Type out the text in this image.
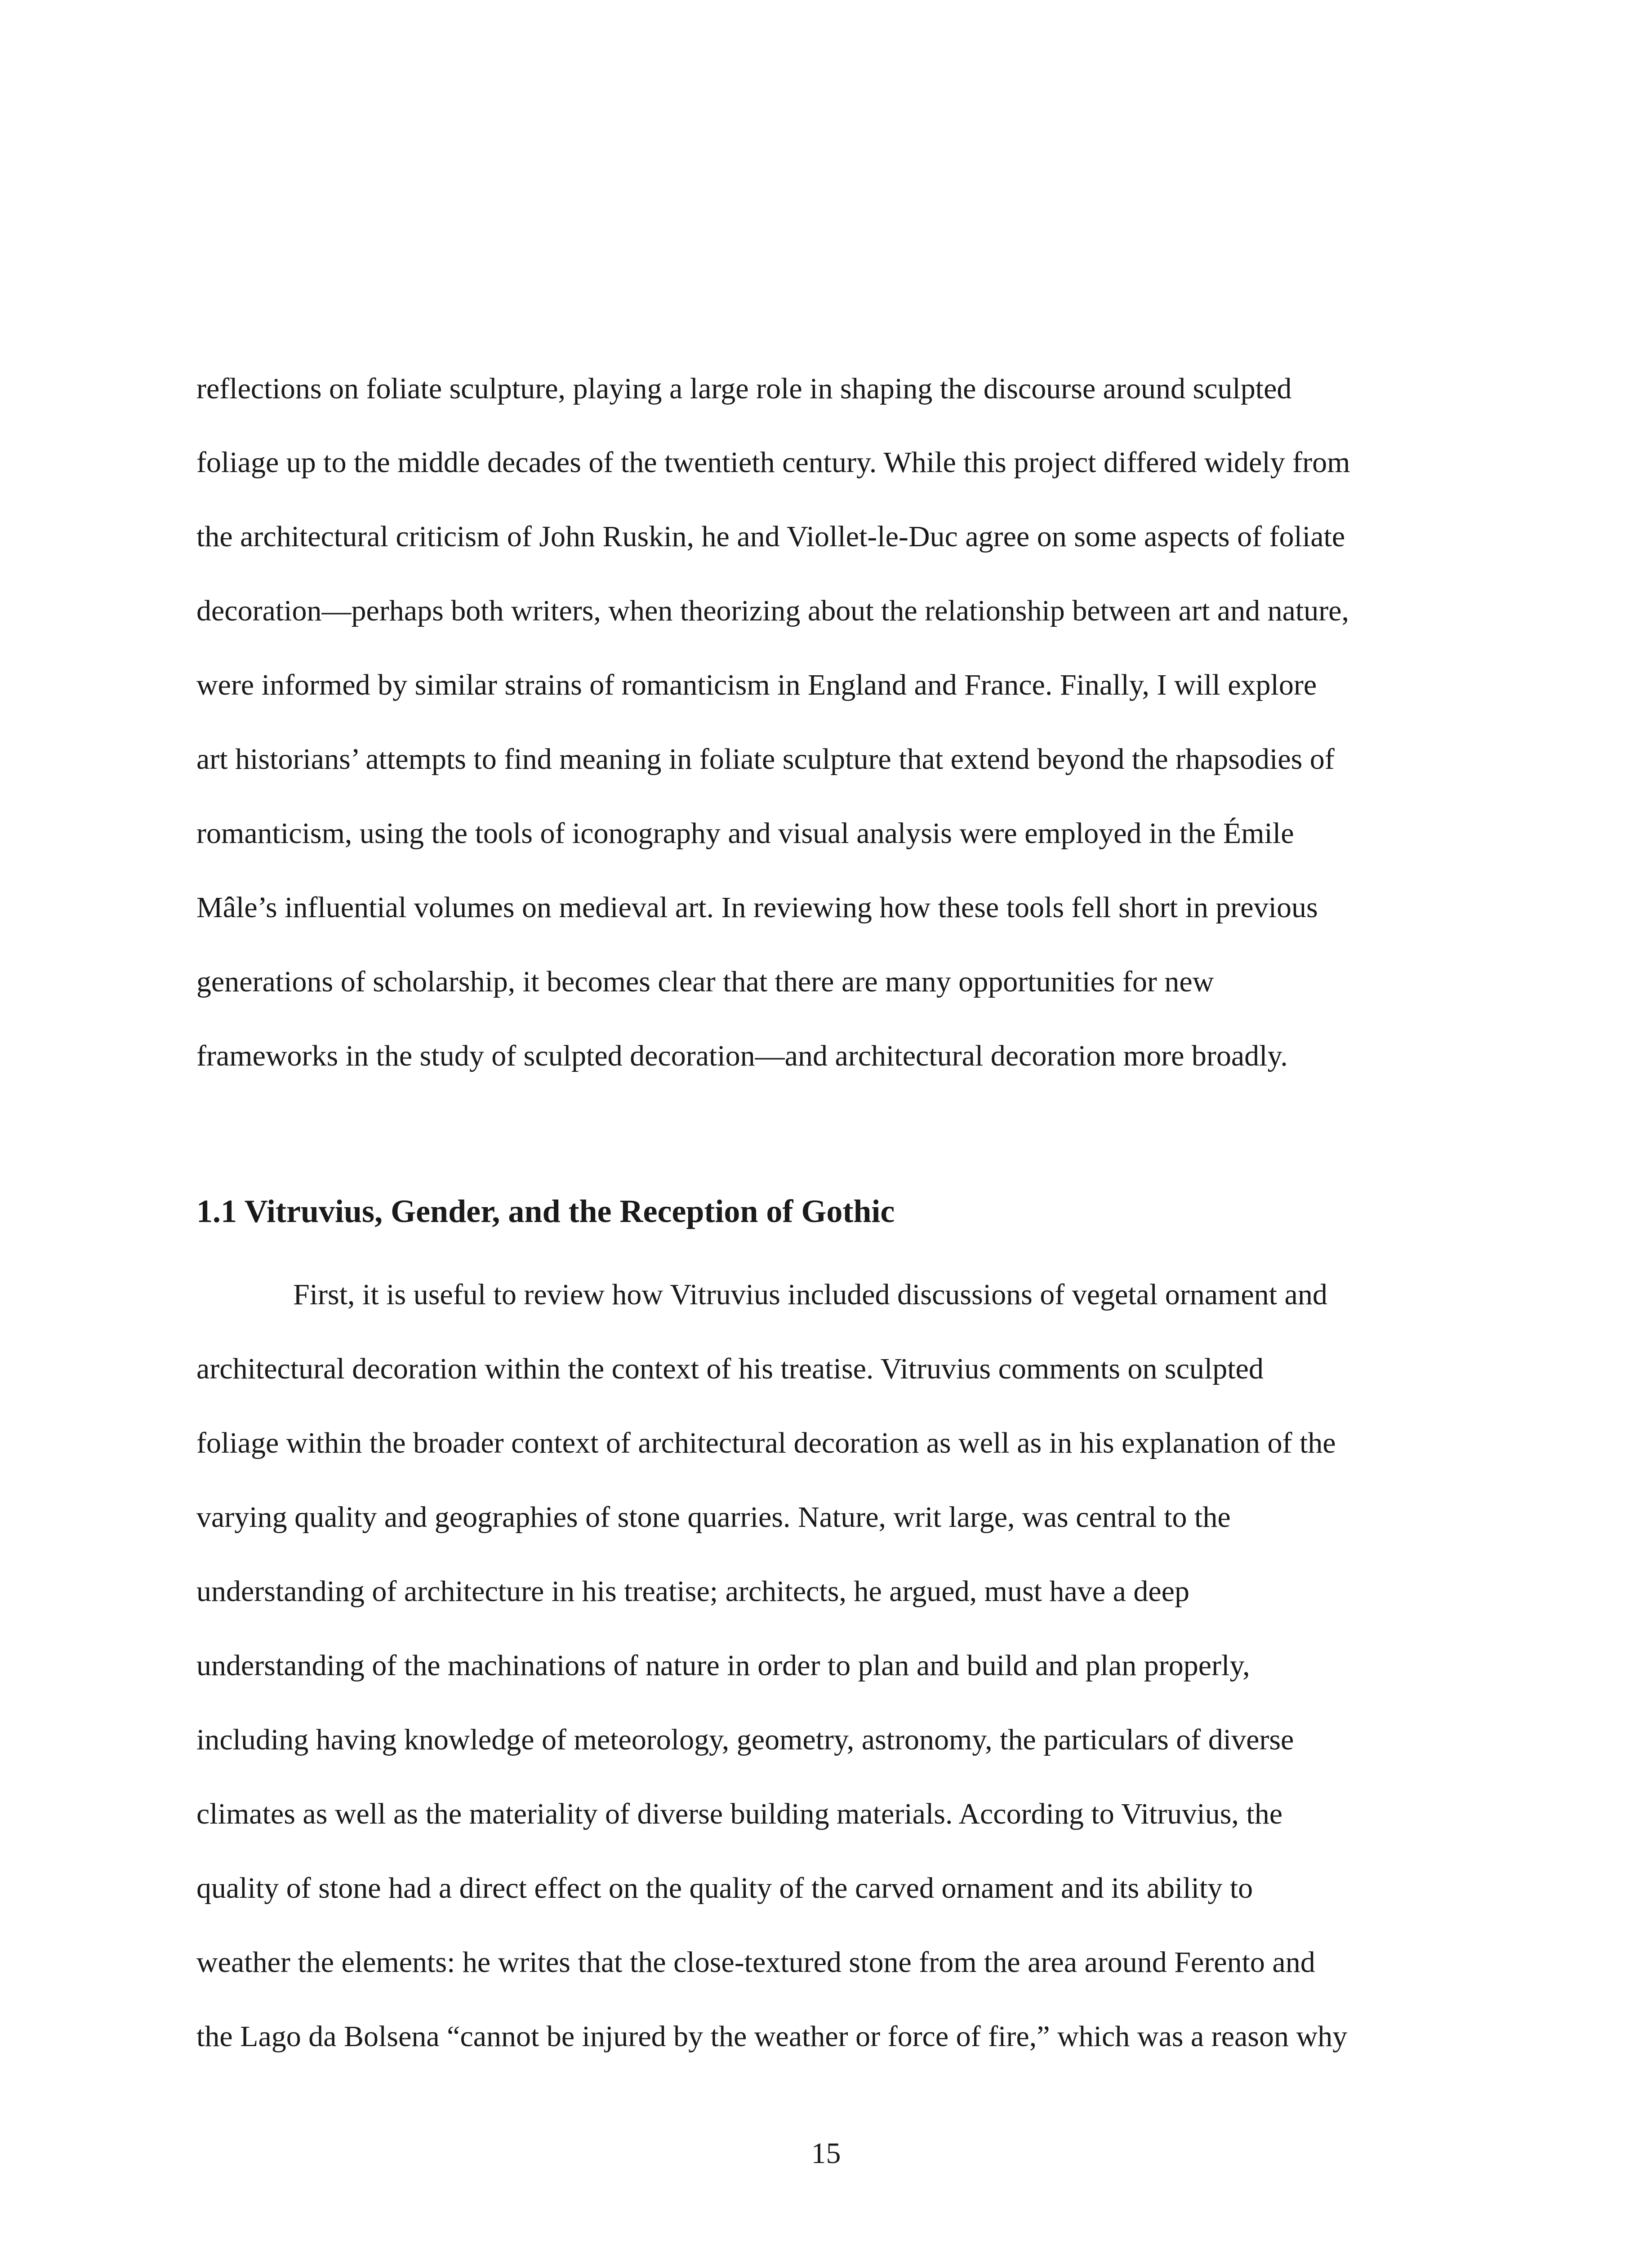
reflections on foliate sculpture, playing a large role in shaping the discourse around sculpted
foliage up to the middle decades of the twentieth century. While this project differed widely from
the architectural criticism of John Ruskin, he and Viollet-le-Duc agree on some aspects of foliate
decoration—perhaps both writers, when theorizing about the relationship between art and nature,
were informed by similar strains of romanticism in England and France. Finally, I will explore
art historians’ attempts to find meaning in foliate sculpture that extend beyond the rhapsodies of
romanticism, using the tools of iconography and visual analysis were employed in the Émile
Mâle’s influential volumes on medieval art. In reviewing how these tools fell short in previous
generations of scholarship, it becomes clear that there are many opportunities for new
frameworks in the study of sculpted decoration—and architectural decoration more broadly.
1.1 Vitruvius, Gender, and the Reception of Gothic
First, it is useful to review how Vitruvius included discussions of vegetal ornament and
architectural decoration within the context of his treatise. Vitruvius comments on sculpted
foliage within the broader context of architectural decoration as well as in his explanation of the
varying quality and geographies of stone quarries. Nature, writ large, was central to the
understanding of architecture in his treatise; architects, he argued, must have a deep
understanding of the machinations of nature in order to plan and build and plan properly,
including having knowledge of meteorology, geometry, astronomy, the particulars of diverse
climates as well as the materiality of diverse building materials. According to Vitruvius, the
quality of stone had a direct effect on the quality of the carved ornament and its ability to
weather the elements: he writes that the close-textured stone from the area around Ferento and
the Lago da Bolsena “cannot be injured by the weather or force of fire,” which was a reason why
15
